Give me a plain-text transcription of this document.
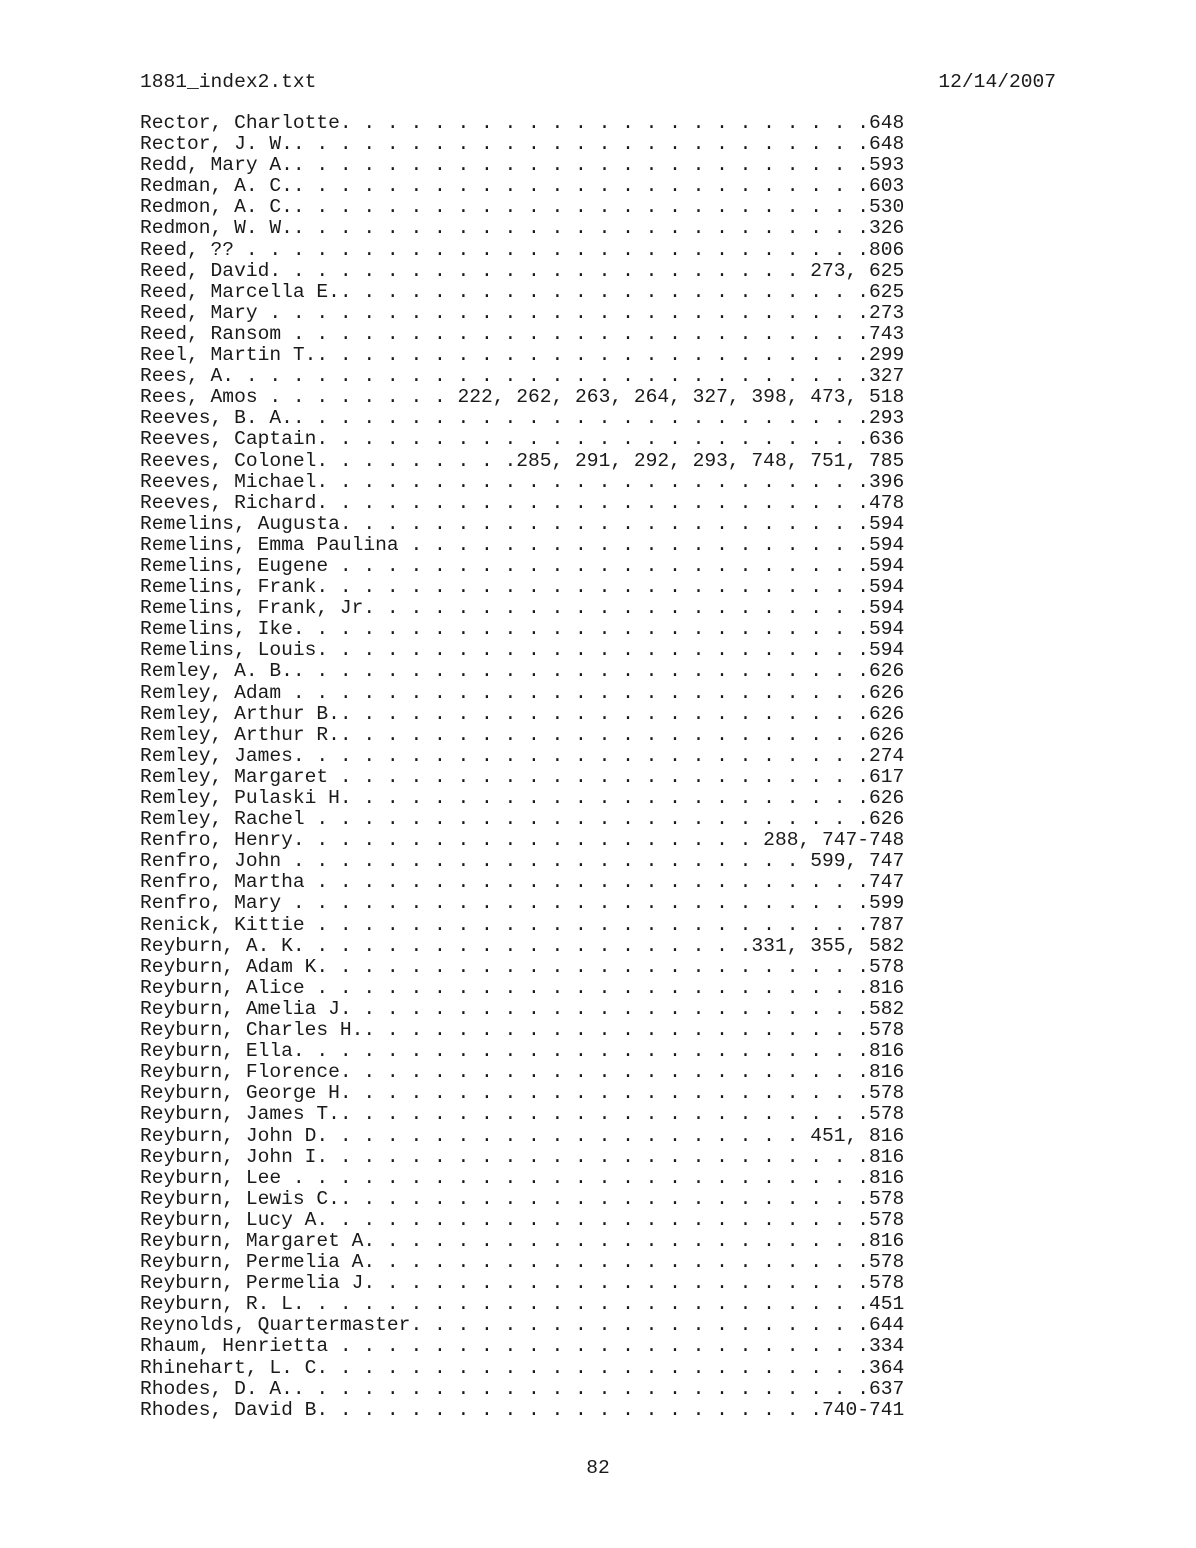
1881_index2.txt	12/14/2007
Rector, Charlotte. . . . . . . . . . . . . . . . . . . . . . .648
Rector, J. W.. . . . . . . . . . . . . . . . . . . . . . . . .648
Redd, Mary A.. . . . . . . . . . . . . . . . . . . . . . . . .593
Redman, A. C.. . . . . . . . . . . . . . . . . . . . . . . . .603
Redmon, A. C.. . . . . . . . . . . . . . . . . . . . . . . . .530
Redmon, W. W.. . . . . . . . . . . . . . . . . . . . . . . . .326
Reed, ?? . . . . . . . . . . . . . . . . . . . . . . . . . . .806
Reed, David. . . . . . . . . . . . . . . . . . . . . . . 273, 625
Reed, Marcella E.. . . . . . . . . . . . . . . . . . . . . . .625
Reed, Mary . . . . . . . . . . . . . . . . . . . . . . . . . .273
Reed, Ransom . . . . . . . . . . . . . . . . . . . . . . . . .743
Reel, Martin T.. . . . . . . . . . . . . . . . . . . . . . . .299
Rees, A. . . . . . . . . . . . . . . . . . . . . . . . . . . .327
Rees, Amos . . . . . . . . 222, 262, 263, 264, 327, 398, 473, 518
Reeves, B. A.. . . . . . . . . . . . . . . . . . . . . . . . .293
Reeves, Captain. . . . . . . . . . . . . . . . . . . . . . . .636
Reeves, Colonel. . . . . . . . .285, 291, 292, 293, 748, 751, 785
Reeves, Michael. . . . . . . . . . . . . . . . . . . . . . . .396
Reeves, Richard. . . . . . . . . . . . . . . . . . . . . . . .478
Remelins, Augusta. . . . . . . . . . . . . . . . . . . . . . .594
Remelins, Emma Paulina . . . . . . . . . . . . . . . . . . . .594
Remelins, Eugene . . . . . . . . . . . . . . . . . . . . . . .594
Remelins, Frank. . . . . . . . . . . . . . . . . . . . . . . .594
Remelins, Frank, Jr. . . . . . . . . . . . . . . . . . . . . .594
Remelins, Ike. . . . . . . . . . . . . . . . . . . . . . . . .594
Remelins, Louis. . . . . . . . . . . . . . . . . . . . . . . .594
Remley, A. B.. . . . . . . . . . . . . . . . . . . . . . . . .626
Remley, Adam . . . . . . . . . . . . . . . . . . . . . . . . .626
Remley, Arthur B.. . . . . . . . . . . . . . . . . . . . . . .626
Remley, Arthur R.. . . . . . . . . . . . . . . . . . . . . . .626
Remley, James. . . . . . . . . . . . . . . . . . . . . . . . .274
Remley, Margaret . . . . . . . . . . . . . . . . . . . . . . .617
Remley, Pulaski H. . . . . . . . . . . . . . . . . . . . . . .626
Remley, Rachel . . . . . . . . . . . . . . . . . . . . . . . .626
Renfro, Henry. . . . . . . . . . . . . . . . . . . . 288, 747-748
Renfro, John . . . . . . . . . . . . . . . . . . . . . . 599, 747
Renfro, Martha . . . . . . . . . . . . . . . . . . . . . . . .747
Renfro, Mary . . . . . . . . . . . . . . . . . . . . . . . . .599
Renick, Kittie . . . . . . . . . . . . . . . . . . . . . . . .787
Reyburn, A. K. . . . . . . . . . . . . . . . . . . .331, 355, 582
Reyburn, Adam K. . . . . . . . . . . . . . . . . . . . . . . .578
Reyburn, Alice . . . . . . . . . . . . . . . . . . . . . . . .816
Reyburn, Amelia J. . . . . . . . . . . . . . . . . . . . . . .582
Reyburn, Charles H.. . . . . . . . . . . . . . . . . . . . . .578
Reyburn, Ella. . . . . . . . . . . . . . . . . . . . . . . . .816
Reyburn, Florence. . . . . . . . . . . . . . . . . . . . . . .816
Reyburn, George H. . . . . . . . . . . . . . . . . . . . . . .578
Reyburn, James T.. . . . . . . . . . . . . . . . . . . . . . .578
Reyburn, John D. . . . . . . . . . . . . . . . . . . . . 451, 816
Reyburn, John I. . . . . . . . . . . . . . . . . . . . . . . .816
Reyburn, Lee . . . . . . . . . . . . . . . . . . . . . . . . .816
Reyburn, Lewis C.. . . . . . . . . . . . . . . . . . . . . . .578
Reyburn, Lucy A. . . . . . . . . . . . . . . . . . . . . . . .578
Reyburn, Margaret A. . . . . . . . . . . . . . . . . . . . . .816
Reyburn, Permelia A. . . . . . . . . . . . . . . . . . . . . .578
Reyburn, Permelia J. . . . . . . . . . . . . . . . . . . . . .578
Reyburn, R. L. . . . . . . . . . . . . . . . . . . . . . . . .451
Reynolds, Quartermaster. . . . . . . . . . . . . . . . . . . .644
Rhaum, Henrietta . . . . . . . . . . . . . . . . . . . . . . .334
Rhinehart, L. C. . . . . . . . . . . . . . . . . . . . . . . .364
Rhodes, D. A.. . . . . . . . . . . . . . . . . . . . . . . . .637
Rhodes, David B. . . . . . . . . . . . . . . . . . . . . .740-741
82
